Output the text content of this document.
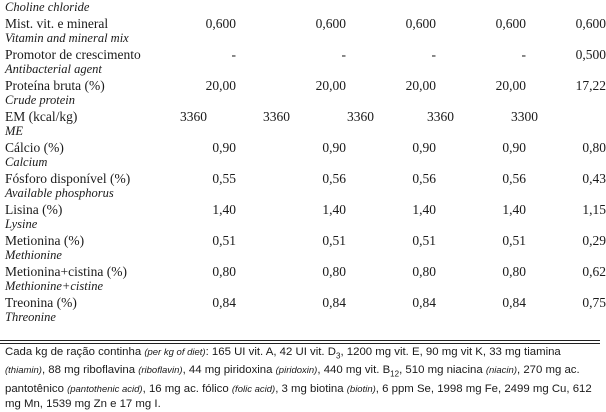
Choline chloride
Mist. vit. e mineral	0,600	0,600	0,600	0,600	0,600
Vitamin and mineral mix
Promotor de crescimento	-	-	-	-	0,500
Antibacterial agent
Proteína bruta (%)	20,00	20,00	20,00	20,00	17,22
Crude protein
EM (kcal/kg)	3360	3360	3360	3360	3300
ME
Cálcio (%)	0,90	0,90	0,90	0,90	0,80
Calcium
Fósforo disponível (%)	0,55	0,56	0,56	0,56	0,43
Available phosphorus
Lisina (%)	1,40	1,40	1,40	1,40	1,15
Lysine
Metionina (%)	0,51	0,51	0,51	0,51	0,29
Methionine
Metionina+cistina (%)	0,80	0,80	0,80	0,80	0,62
Methionine+cistine
Treonina (%)	0,84	0,84	0,84	0,84	0,75
Threonine
Cada kg de ração continha (per kg of diet): 165 UI vit. A, 42 UI vit. $D_3$, 1200 mg vit. E, 90 mg vit K, 33 mg tiamina (thiamin), 88 mg riboflavina (riboflavin), 44 mg piridoxina (piridoxin), 440 mg vit. $B_{12}$, 510 mg niacina (niacin), 270 mg ac. pantotênico (pantothenic acid), 16 mg ac. fólico (folic acid), 3 mg biotina (biotin), 6 ppm Se, 1998 mg Fe, 2499 mg Cu, 612 mg Mn, 1539 mg Zn e 17 mg I.
